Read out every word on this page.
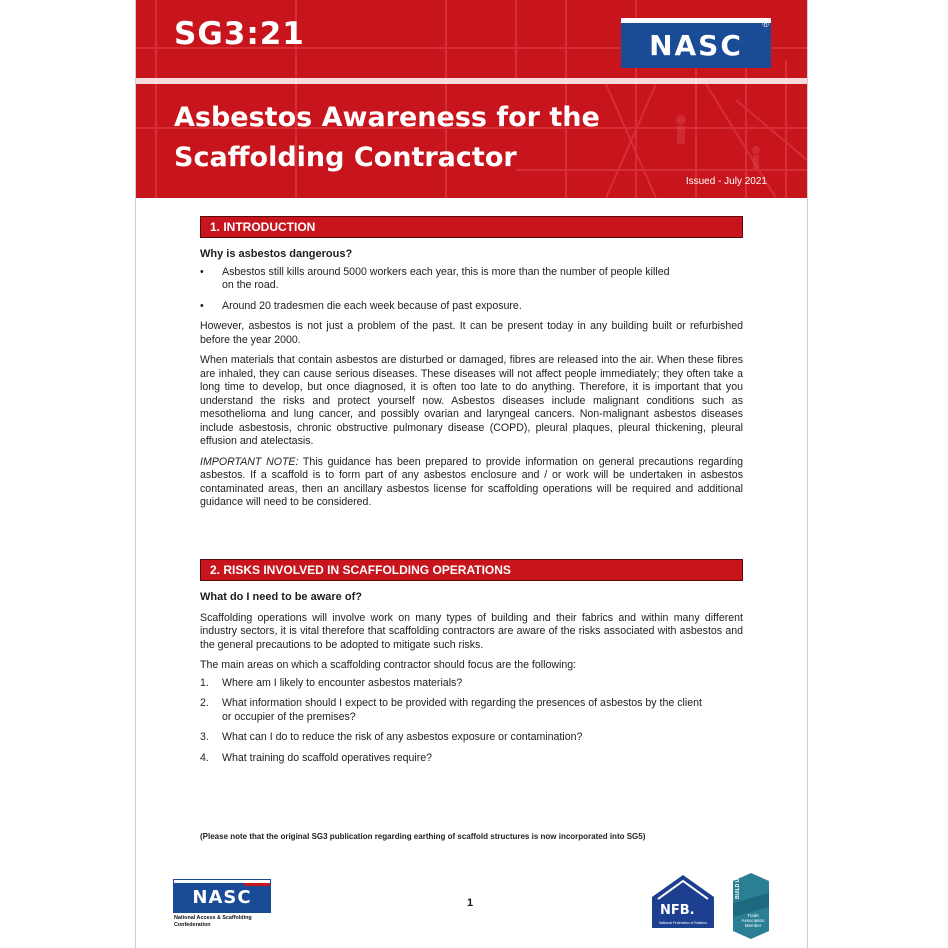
SG3:21	NASC
®
Asbestos Awareness for the
Scaffolding Contractor
Issued - July 2021
1. INTRODUCTION
Why is asbestos dangerous?
•	Asbestos still kills around 5000 workers each year, this is more than the number of people killed
on the road.
•	Around 20 tradesmen die each week because of past exposure.
However, asbestos is not just a problem of the past. It can be present today in any building built or refurbished before the year 2000.
When materials that contain asbestos are disturbed or damaged, fibres are released into the air. When these fibres are inhaled, they can cause serious diseases. These diseases will not affect people immediately; they often take a long time to develop, but once diagnosed, it is often too late to do anything. Therefore, it is important that you understand the risks and protect yourself now. Asbestos diseases include malignant conditions such as mesothelioma and lung cancer, and possibly ovarian and laryngeal cancers. Non-malignant asbestos diseases include asbestosis, chronic obstructive pulmonary disease (COPD), pleural plaques, pleural thickening, pleural effusion and atelectasis.
IMPORTANT NOTE: This guidance has been prepared to provide information on general precautions regarding asbestos. If a scaffold is to form part of any asbestos enclosure and / or work will be undertaken in asbestos contaminated areas, then an ancillary asbestos license for scaffolding operations will be required and additional guidance will need to be considered.
2. RISKS INVOLVED IN SCAFFOLDING OPERATIONS
What do I need to be aware of?
Scaffolding operations will involve work on many types of building and their fabrics and within many different industry sectors, it is vital therefore that scaffolding contractors are aware of the risks associated with asbestos and the general precautions to be adopted to mitigate such risks.
The main areas on which a scaffolding contractor should focus are the following:
1.	Where am I likely to encounter asbestos materials?
2.	What information should I expect to be provided with regarding the presences of asbestos by the client
or occupier of the premises?
3.	What can I do to reduce the risk of any asbestos exposure or contamination?
4.	What training do scaffold operatives require?
(Please note that the original SG3 publication regarding earthing of scaffold structures is now incorporated into SG5)
NASC
National Access & Scaffolding
Confederation
1	NFB.
National Federation of Builders
BUILD UK
Trade
Association
Member
